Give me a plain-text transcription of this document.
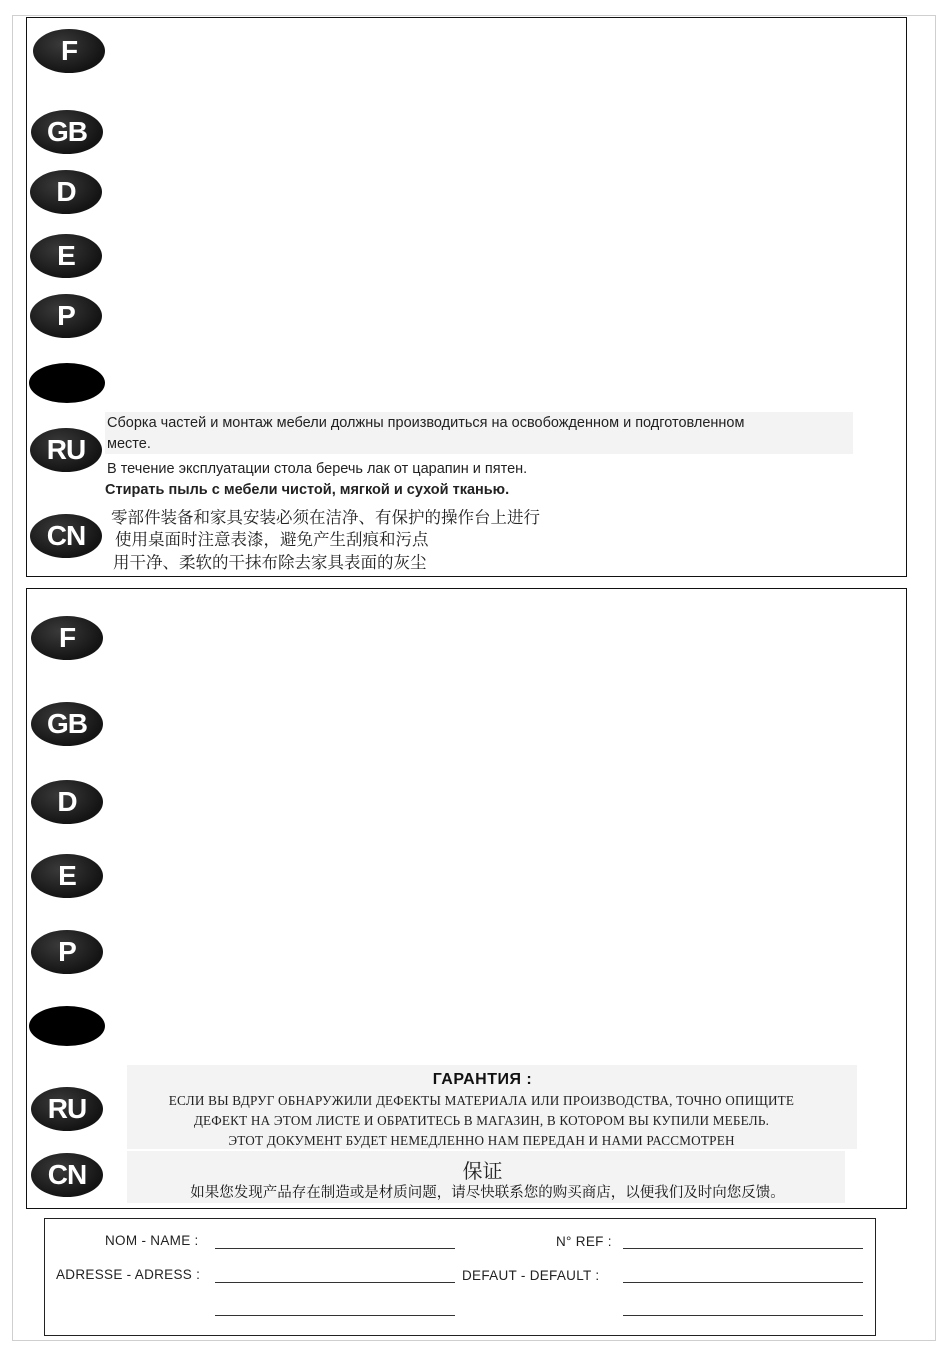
F
GB
D
E
P
RU
CN
Сборка частей и монтаж мебели должны производиться на освобожденном и подготовленном
месте.
В течение эксплуатации стола беречь лак от царапин и пятен.
Стирать пыль с мебели чистой, мягкой и сухой тканью.
零部件装备和家具安装必须在洁净、有保护的操作台上进行
使用桌面时注意表漆，避免产生刮痕和污点
用干净、柔软的干抹布除去家具表面的灰尘
F
GB
D
E
P
RU
CN
ГАРАНТИЯ :
ЕСЛИ ВЫ ВДРУГ ОБНАРУЖИЛИ ДЕФЕКТЫ МАТЕРИАЛА ИЛИ ПРОИЗВОДСТВА, ТОЧНО ОПИЩИТЕ
ДЕФЕКТ НА ЭТОМ ЛИСТЕ И ОБРАТИТЕСЬ В МАГАЗИН, В КОТОРОМ ВЫ КУПИЛИ МЕБЕЛЬ.
ЭТОТ ДОКУМЕНТ БУДЕТ НЕМЕДЛЕННО НАМ ПЕРЕДАН И НАМИ РАССМОТРЕН
保证
如果您发现产品存在制造或是材质问题，请尽快联系您的购买商店，以便我们及时向您反馈。
NOM - NAME :	N° REF :
ADRESSE - ADRESS :	DEFAUT - DEFAULT :
